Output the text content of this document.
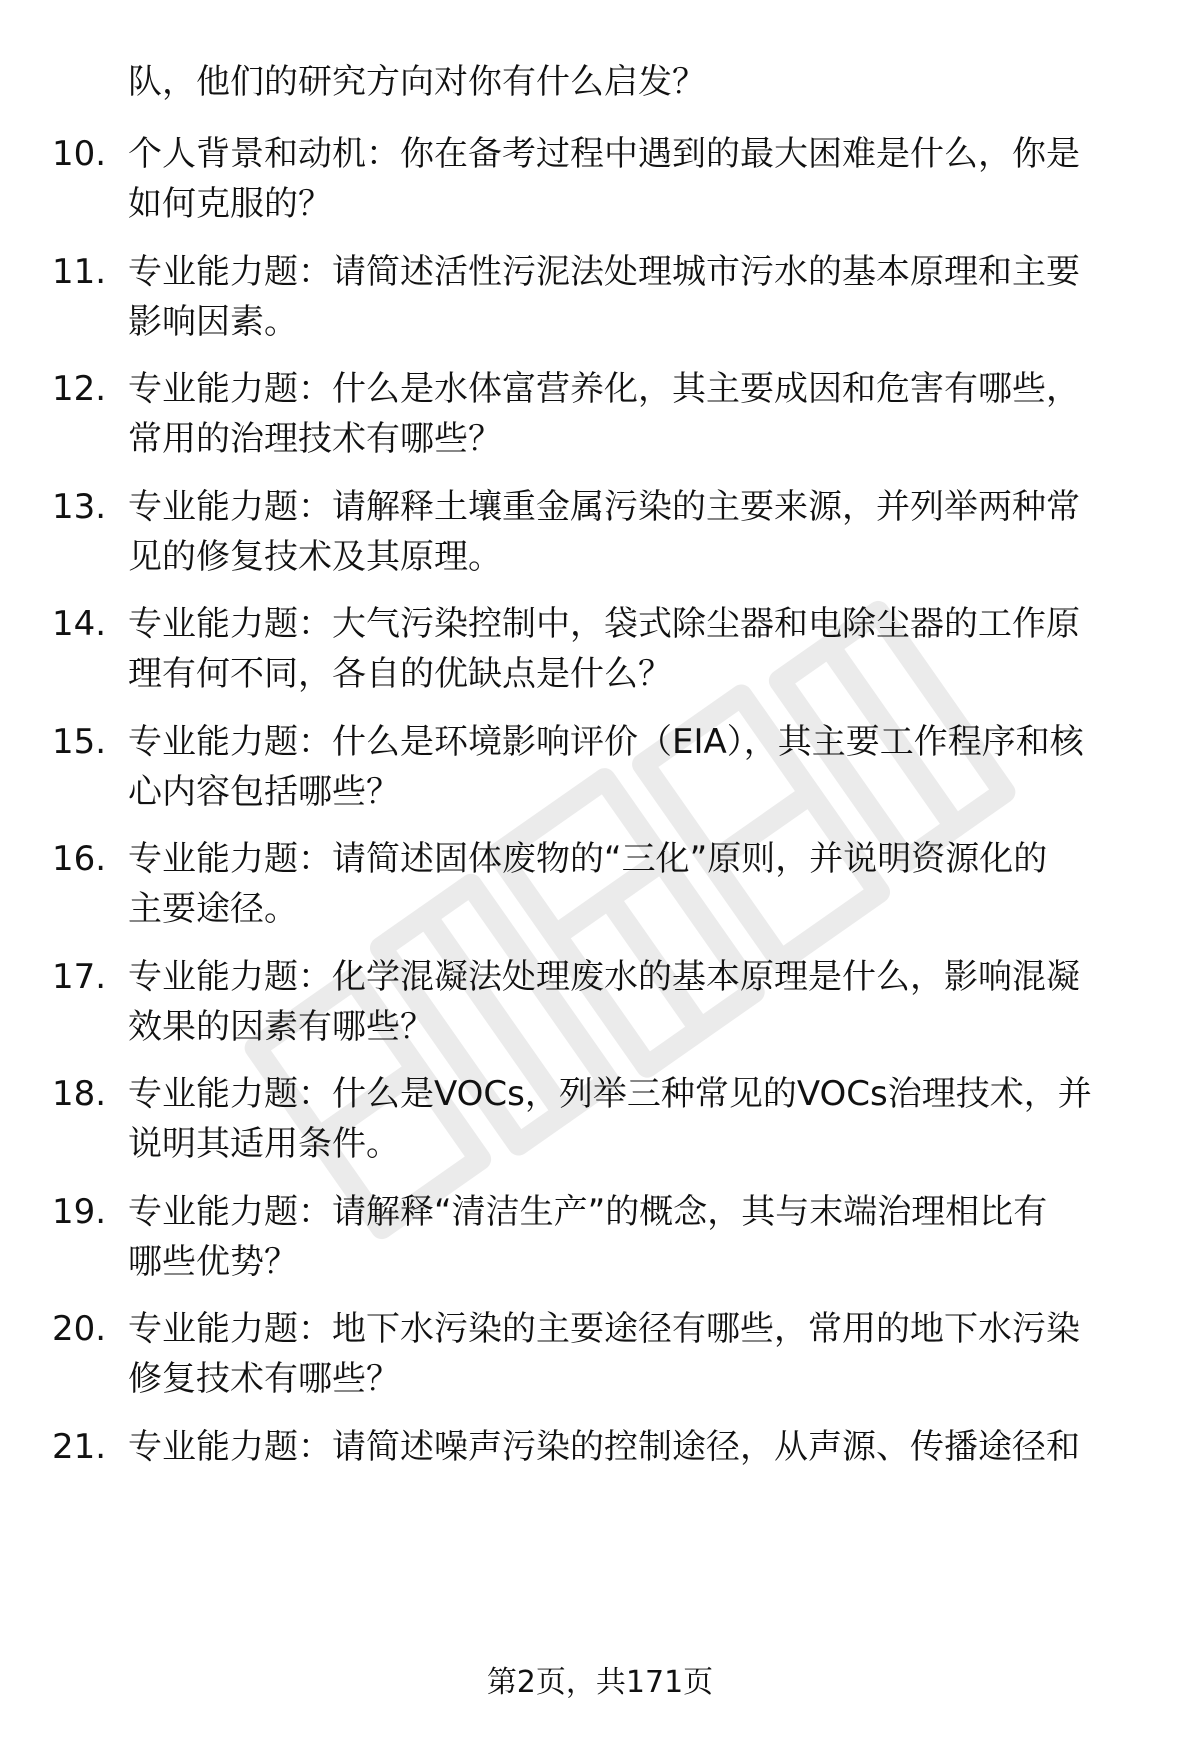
队，他们的研究方向对你有什么启发？
10. 个人背景和动机：你在备考过程中遇到的最大困难是什么，你是
如何克服的？
11. 专业能力题：请简述活性污泥法处理城市污水的基本原理和主要
影响因素。
12. 专业能力题：什么是水体富营养化，其主要成因和危害有哪些，
常用的治理技术有哪些？
13. 专业能力题：请解释土壤重金属污染的主要来源，并列举两种常
见的修复技术及其原理。
14. 专业能力题：大气污染控制中，袋式除尘器和电除尘器的工作原
理有何不同，各自的优缺点是什么？
15. 专业能力题：什么是环境影响评价（EIA），其主要工作程序和核
心内容包括哪些？
16. 专业能力题：请简述固体废物的“三化”原则，并说明资源化的
主要途径。
17. 专业能力题：化学混凝法处理废水的基本原理是什么，影响混凝
效果的因素有哪些？
18. 专业能力题：什么是VOCs，列举三种常见的VOCs治理技术，并
说明其适用条件。
19. 专业能力题：请解释“清洁生产”的概念，其与末端治理相比有
哪些优势？
20. 专业能力题：地下水污染的主要途径有哪些，常用的地下水污染
修复技术有哪些？
21. 专业能力题：请简述噪声污染的控制途径，从声源、传播途径和
第2页，共171页
